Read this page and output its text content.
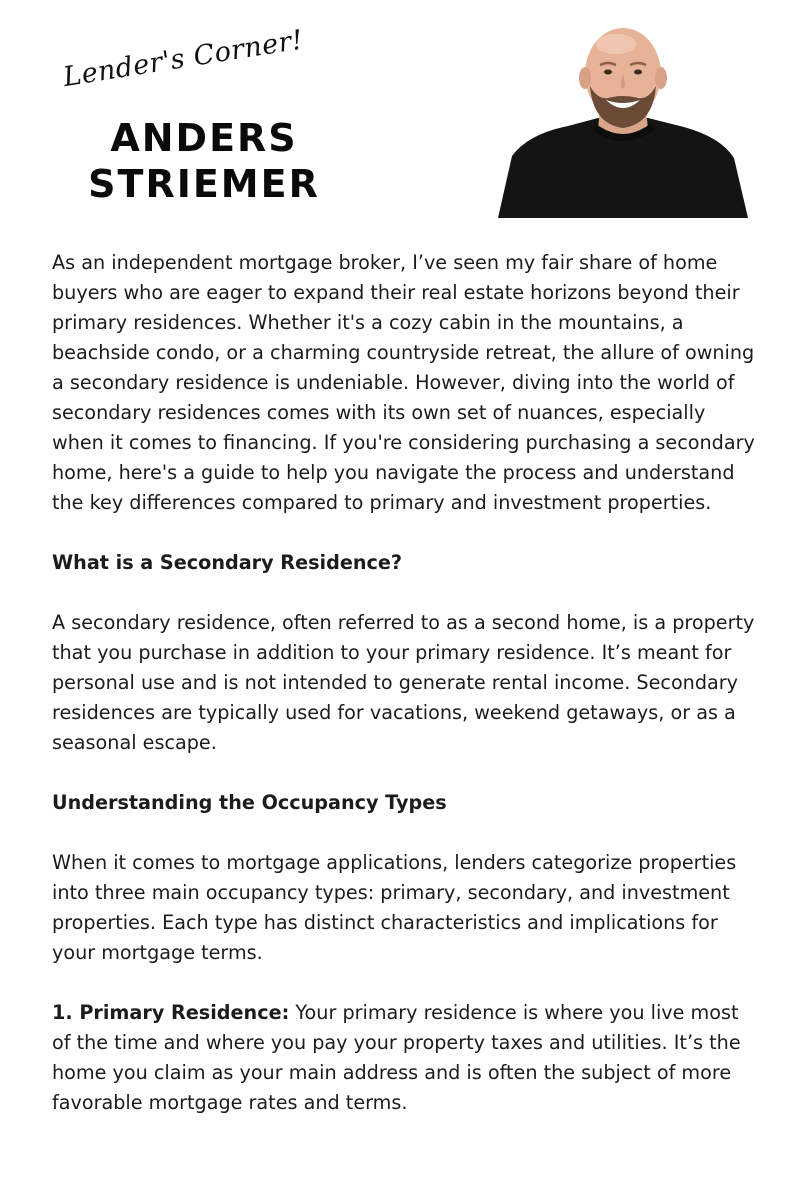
Lender's Corner!
ANDERS
STRIEMER

As an independent mortgage broker, I’ve seen my fair share of home buyers who are eager to expand their real estate horizons beyond their primary residences. Whether it's a cozy cabin in the mountains, a beachside condo, or a charming countryside retreat, the allure of owning a secondary residence is undeniable. However, diving into the world of secondary residences comes with its own set of nuances, especially when it comes to financing. If you're considering purchasing a secondary home, here's a guide to help you navigate the process and understand the key differences compared to primary and investment properties.

What is a Secondary Residence?

A secondary residence, often referred to as a second home, is a property that you purchase in addition to your primary residence. It’s meant for personal use and is not intended to generate rental income. Secondary residences are typically used for vacations, weekend getaways, or as a seasonal escape.

Understanding the Occupancy Types

When it comes to mortgage applications, lenders categorize properties into three main occupancy types: primary, secondary, and investment properties. Each type has distinct characteristics and implications for your mortgage terms.

1. Primary Residence: Your primary residence is where you live most of the time and where you pay your property taxes and utilities. It’s the home you claim as your main address and is often the subject of more favorable mortgage rates and terms.
